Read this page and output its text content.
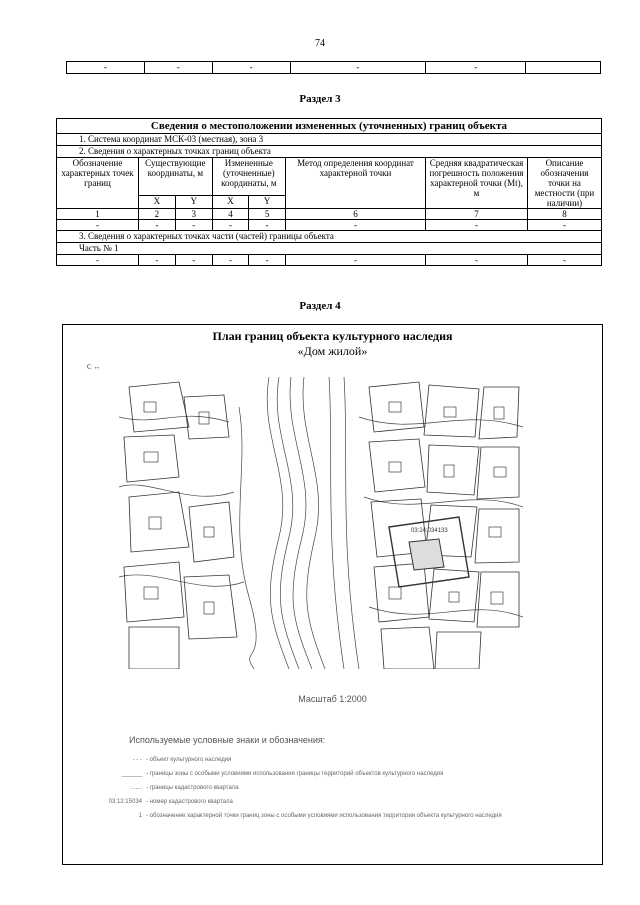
74
-	-	-	-	-	
Раздел 3
Сведения о местоположении измененных (уточненных) границ объекта							
1. Система координат МСК-03 (местная), зона 3							
2. Сведения о характерных точках границ объекта							
Обозначение характерных точек границ	Существующие координаты, м		Измененные (уточненные) координаты, м		Метод определения координат характерной точки	Средняя квадратическая погрешность положения характерной точки (Mt), м	Описание обозначения точки на местности (при наличии)
	X	Y	X	Y			
1	2	3	4	5	6	7	8
-	-	-	-	-	-	-	-
3. Сведения о характерных точках части (частей) границы объекта							
Часть № 1							
-	-	-	-	-	-	-	-
Раздел 4
План границ объекта культурного наследия
«Дом жилой»
С ↔
03:24:034133
Масштаб 1:2000
Используемые условные знаки и обозначения:
- - - - объект культурного наследия
______ - границы зоны с особыми условиями использования границы территорий объектов культурного наследия
....... - границы кадастрового квартала
03:12:15034 - номер кадастрового квартала
1 - обозначение характерной точки границ зоны с особыми условиями использования территории объекта культурного наследия
